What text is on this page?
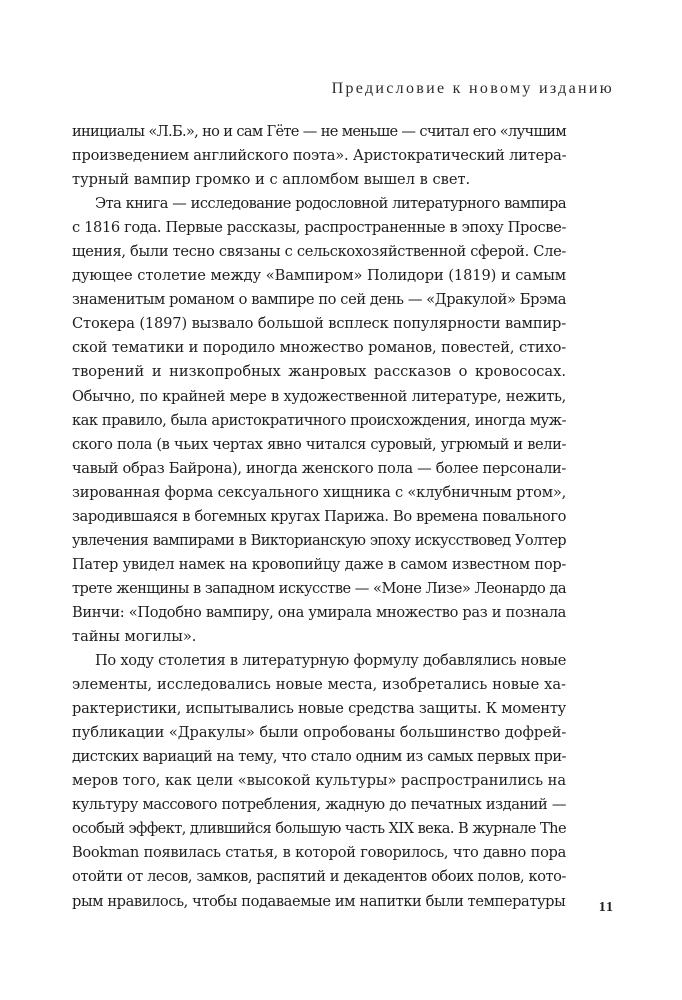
Предисловие к новому изданию
инициалы «Л.Б.», но и сам Гёте — не меньше — считал его «лучшим
произведением английского поэта». Аристократический литера-
турный вампир громко и с апломбом вышел в свет.
Эта книга — исследование родословной литературного вампира
с 1816 года. Первые рассказы, распространенные в эпоху Просве-
щения, были тесно связаны с сельскохозяйственной сферой. Сле-
дующее столетие между «Вампиром» Полидори (1819) и самым
знаменитым романом о вампире по сей день — «Дракулой» Брэма
Стокера (1897) вызвало большой всплеск популярности вампир-
ской тематики и породило множество романов, повестей, стихо-
творений и низкопробных жанровых рассказов о кровососах.
Обычно, по крайней мере в художественной литературе, нежить,
как правило, была аристократичного происхождения, иногда муж-
ского пола (в чьих чертах явно читался суровый, угрюмый и вели-
чавый образ Байрона), иногда женского пола — более персонали-
зированная форма сексуального хищника с «клубничным ртом»,
зародившаяся в богемных кругах Парижа. Во времена повального
увлечения вампирами в Викторианскую эпоху искусствовед Уолтер
Патер увидел намек на кровопийцу даже в самом известном пор-
трете женщины в западном искусстве — «Моне Лизе» Леонардо да
Винчи: «Подобно вампиру, она умирала множество раз и познала
тайны могилы».
По ходу столетия в литературную формулу добавлялись новые
элементы, исследовались новые места, изобретались новые ха-
рактеристики, испытывались новые средства защиты. К моменту
публикации «Дракулы» были опробованы большинство дофрей-
дистских вариаций на тему, что стало одним из самых первых при-
меров того, как цели «высокой культуры» распространились на
культуру массового потребления, жадную до печатных изданий —
особый эффект, длившийся большую часть XIX века. В журнале The
Bookman появилась статья, в которой говорилось, что давно пора
отойти от лесов, замков, распятий и декадентов обоих полов, кото-
рым нравилось, чтобы подаваемые им напитки были температуры 11
